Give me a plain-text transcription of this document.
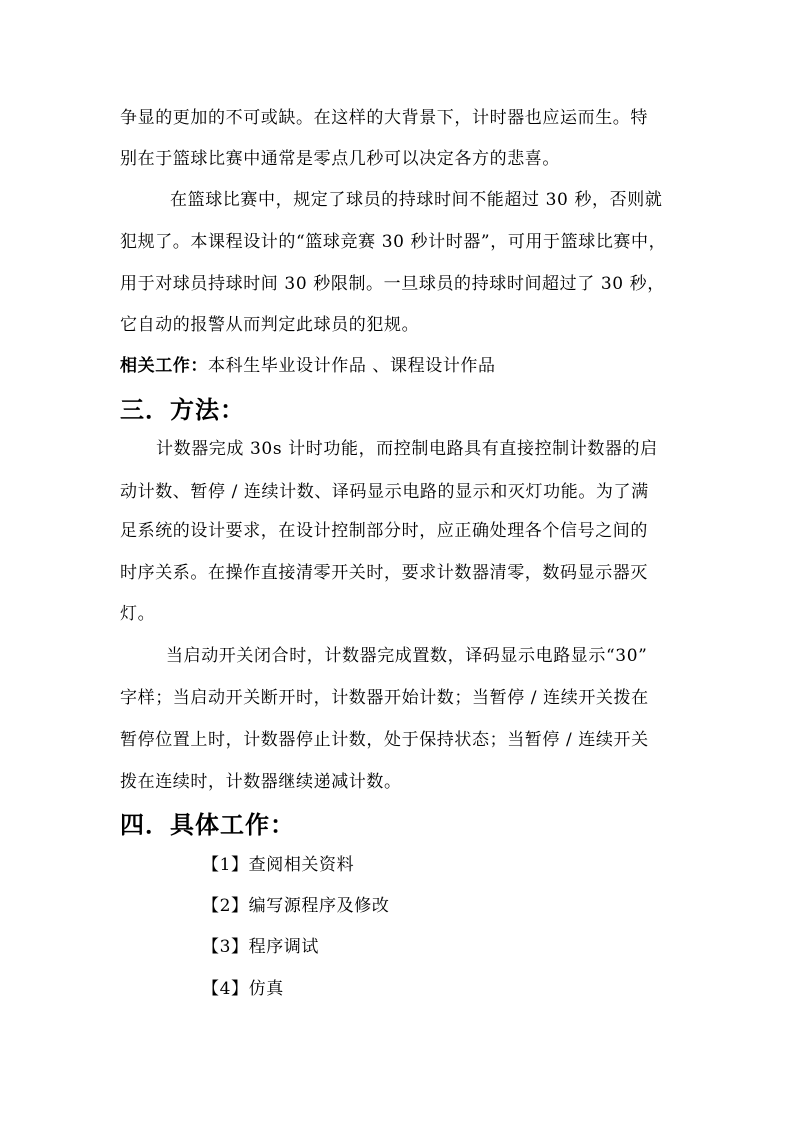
争显的更加的不可或缺。在这样的大背景下，计时器也应运而生。特
别在于篮球比赛中通常是零点几秒可以决定各方的悲喜。
在篮球比赛中，规定了球员的持球时间不能超过 30 秒，否则就
犯规了。本课程设计的“篮球竞赛 30 秒计时器”，可用于篮球比赛中，
用于对球员持球时间 30 秒限制。一旦球员的持球时间超过了 30 秒，
它自动的报警从而判定此球员的犯规。
相关工作：本科生毕业设计作品 、课程设计作品
三．方法：
计数器完成 30s 计时功能，而控制电路具有直接控制计数器的启
动计数、暂停 / 连续计数、译码显示电路的显示和灭灯功能。为了满
足系统的设计要求，在设计控制部分时，应正确处理各个信号之间的
时序关系。在操作直接清零开关时，要求计数器清零，数码显示器灭
灯。
当启动开关闭合时，计数器完成置数，译码显示电路显示“30”
字样；当启动开关断开时，计数器开始计数；当暂停 / 连续开关拨在
暂停位置上时，计数器停止计数，处于保持状态；当暂停 / 连续开关
拨在连续时，计数器继续递减计数。
四．具体工作：
【1】查阅相关资料
【2】编写源程序及修改
【3】程序调试
【4】仿真
